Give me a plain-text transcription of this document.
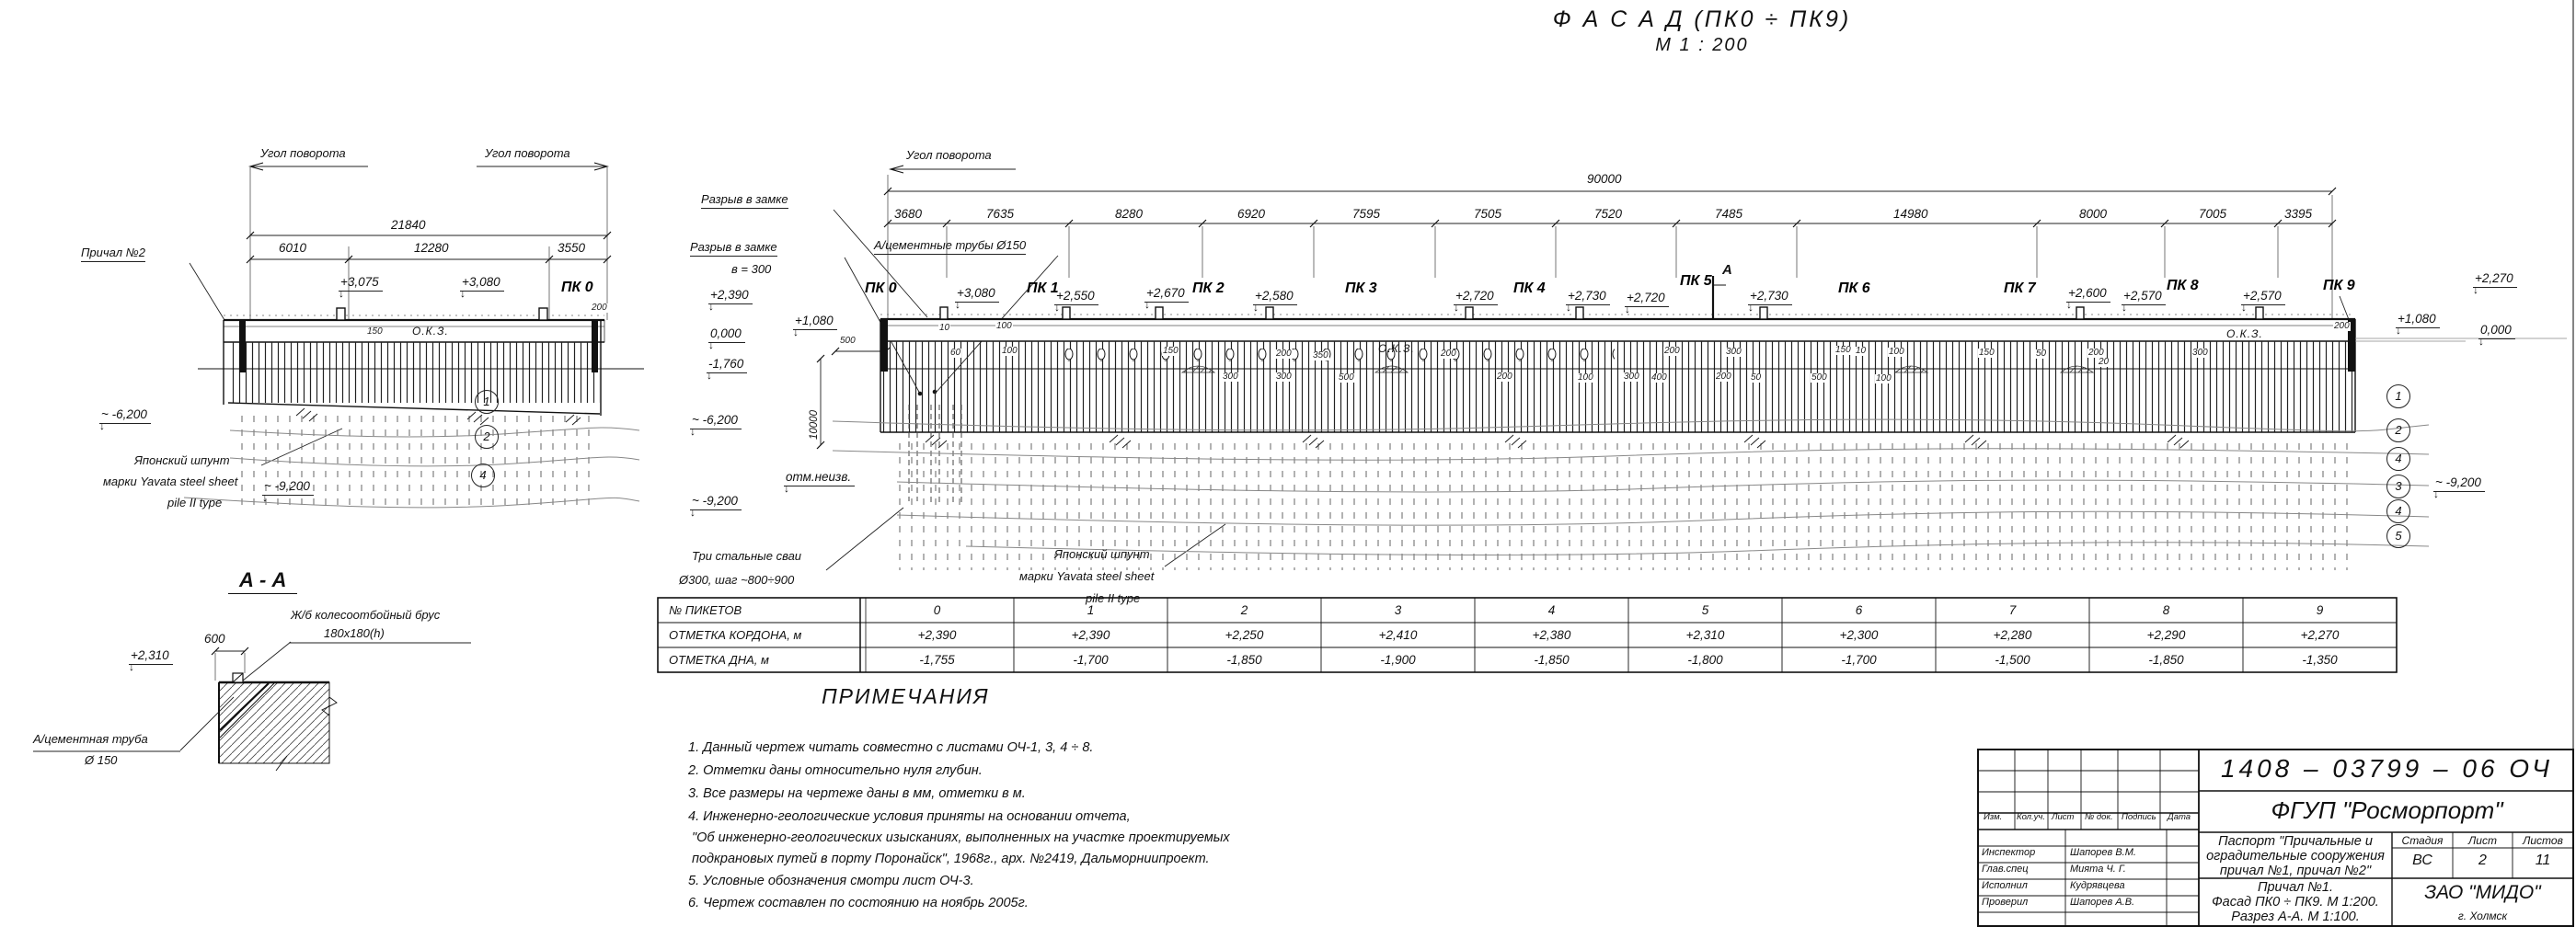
Ф А С А Д (ПК0 ÷ ПК9)
М 1 : 200
Угол поворота	Угол поворота
21840
6010	12280	3550
Причал №2
+3,075 ↓	+3,080 ↓	ПК 0
200
150	О.К.З.
~ -6,200 ↓
Японский шпунт
марки Yavata steel sheet
pile II type
~ -9,200 ↓
1
2
4
А - А
Ж/б колесоотбойный брус
180х180(h)
600
+2,310 ↓
А/цементная труба
Ø 150
Угол поворота
90000
3680	7635	8280	6920	7595	7505	7520	7485	14980	8000	7005	3395
Разрыв в замке
Разрыв в замке
в = 300
А/цементные трубы Ø150
+2,390 ↓
+1,080 ↓
0,000 ↓
-1,760 ↓
~ -6,200 ↓
отм.неизв. ↓
~ -9,200 ↓
500
10000
ПК 0	ПК 1	ПК 2	ПК 3	ПК 4	ПК 5
А
ПК 6	ПК 7	ПК 8	ПК 9
+3,080 ↓	+2,550 ↓	+2,670 ↓	+2,580 ↓	+2,720 ↓	+2,730 ↓ +2,720 ↓	+2,730 ↓	+2,600 ↓ +2,570 ↓	+2,570 ↓
О.К.З.
О.К.З.
+2,270 ↓
+1,080 ↓
0,000 ↓
~ -9,200 ↓
1
2
4
3
4
5
Три стальные сваи
Ø300, шаг ~800÷900
Японский шпунт
марки Yavata steel sheet
pile II type
10	100
60	100	150	200 350	200	200	300	150 10 100	150	50	200
20
300
200
300	300	500	200	100	300 400	200 50	500	100
№ ПИКЕТОВ	0	1	2	3	4	5	6	7	8	9
ОТМЕТКА КОРДОНА, м	+2,390	+2,390	+2,250	+2,410	+2,380	+2,310	+2,300	+2,280	+2,290	+2,270
ОТМЕТКА ДНА, м	-1,755	-1,700	-1,850	-1,900	-1,850	-1,800	-1,700	-1,500	-1,850	-1,350
ПРИМЕЧАНИЯ
1. Данный чертеж читать совместно с листами ОЧ-1, 3, 4 ÷ 8.
2. Отметки даны относительно нуля глубин.
3. Все размеры на чертеже даны в мм, отметки в м.
4. Инженерно-геологические условия приняты на основании отчета,
"Об инженерно-геологических изысканиях, выполненных на участке проектируемых
подкрановых путей в порту Поронайск", 1968г., арх. №2419, Дальморниипроект.
5. Условные обозначения смотри лист ОЧ-3.
6. Чертеж составлен по состоянию на ноябрь 2005г.
1408 – 03799 – 06 ОЧ
ФГУП "Росморпорт"
Паспорт "Причальные и
оградительные сооружения
причал №1, причал №2"
Стадия	Лист	Листов
ВС	2	11
Причал №1.
Фасад ПК0 ÷ ПК9. М 1:200.
Разрез А-А. М 1:100.
ЗАО "МИДО"
г. Холмск
Изм. Кол.уч. Лист № док. Подпись Дата
Инспектор	Шапорев В.М.
Глав.спец	Мията Ч. Г.
Исполнил	Кудрявцева
Проверил	Шапорев А.В.
